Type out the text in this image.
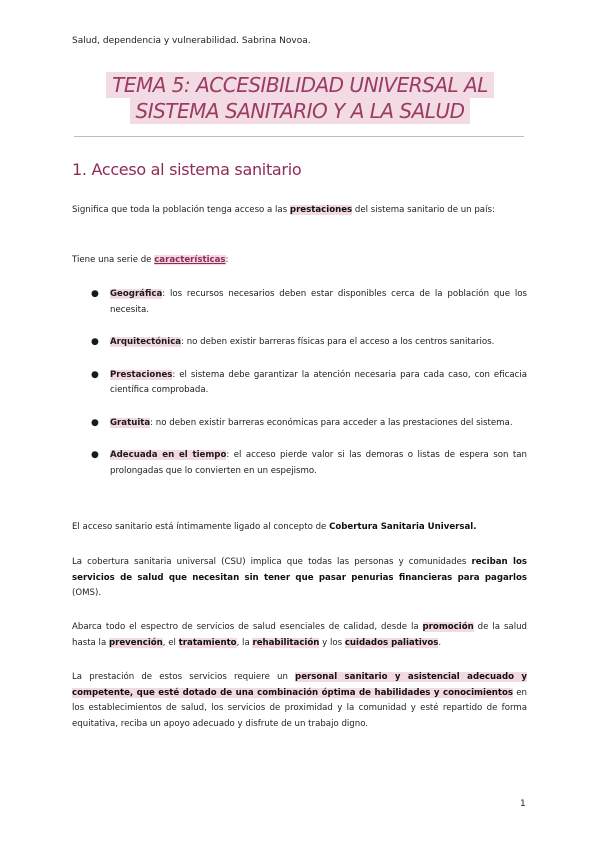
Salud, dependencia y vulnerabilidad. Sabrina Novoa.
TEMA 5: ACCESIBILIDAD UNIVERSAL AL
SISTEMA SANITARIO Y A LA SALUD
1. Acceso al sistema sanitario
Significa que toda la población tenga acceso a las prestaciones del sistema sanitario de un país:
Tiene una serie de características:
● Geográfica: los recursos necesarios deben estar disponibles cerca de la población que los necesita.
● Arquitectónica: no deben existir barreras físicas para el acceso a los centros sanitarios.
● Prestaciones: el sistema debe garantizar la atención necesaria para cada caso, con eficacia científica comprobada.
● Gratuita: no deben existir barreras económicas para acceder a las prestaciones del sistema.
● Adecuada en el tiempo: el acceso pierde valor si las demoras o listas de espera son tan prolongadas que lo convierten en un espejismo.
El acceso sanitario está íntimamente ligado al concepto de Cobertura Sanitaria Universal.
La cobertura sanitaria universal (CSU) implica que todas las personas y comunidades reciban los servicios de salud que necesitan sin tener que pasar penurias financieras para pagarlos (OMS).
Abarca todo el espectro de servicios de salud esenciales de calidad, desde la promoción de la salud hasta la prevención, el tratamiento, la rehabilitación y los cuidados paliativos.
La prestación de estos servicios requiere un personal sanitario y asistencial adecuado y competente, que esté dotado de una combinación óptima de habilidades y conocimientos en los establecimientos de salud, los servicios de proximidad y la comunidad y esté repartido de forma equitativa, reciba un apoyo adecuado y disfrute de un trabajo digno.
1
